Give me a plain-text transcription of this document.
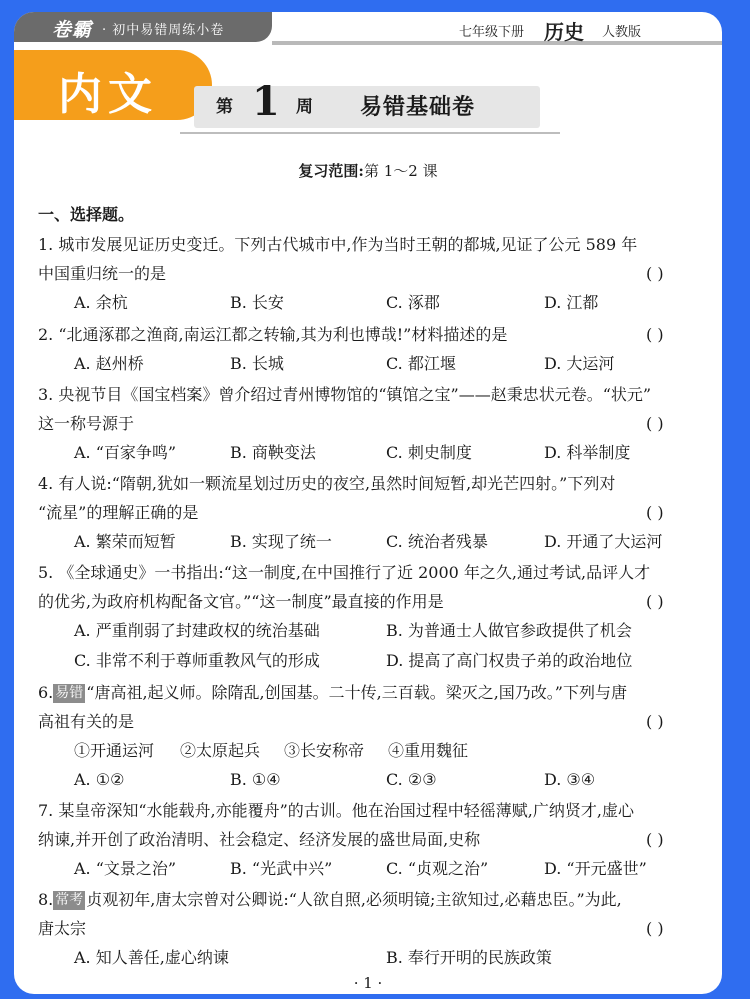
卷霸 · 初中易错周练小卷	七年级下册 历史 人教版
内文	第 1 周 易错基础卷
复习范围:第 1～2 课
一、选择题。
1. 城市发展见证历史变迁。下列古代城市中,作为当时王朝的都城,见证了公元 589 年
中国重归统一的是	( )
A. 余杭	B. 长安	C. 涿郡	D. 江都
2. “北通涿郡之渔商,南运江都之转输,其为利也博哉!”材料描述的是	( )
A. 赵州桥	B. 长城	C. 都江堰	D. 大运河
3. 央视节目《国宝档案》曾介绍过青州博物馆的“镇馆之宝”——赵秉忠状元卷。“状元”
这一称号源于	( )
A. “百家争鸣”	B. 商鞅变法	C. 刺史制度	D. 科举制度
4. 有人说:“隋朝,犹如一颗流星划过历史的夜空,虽然时间短暂,却光芒四射。”下列对
“流星”的理解正确的是	( )
A. 繁荣而短暂	B. 实现了统一	C. 统治者残暴	D. 开通了大运河
5. 《全球通史》一书指出:“这一制度,在中国推行了近 2000 年之久,通过考试,品评人才
的优劣,为政府机构配备文官。”“这一制度”最直接的作用是	( )
A. 严重削弱了封建政权的统治基础	B. 为普通士人做官参政提供了机会
C. 非常不利于尊师重教风气的形成	D. 提高了高门权贵子弟的政治地位
6. 易错 “唐高祖,起义师。除隋乱,创国基。二十传,三百载。梁灭之,国乃改。”下列与唐
高祖有关的是	( )
①开通运河 ②太原起兵 ③长安称帝 ④重用魏征
A. ①②	B. ①④	C. ②③	D. ③④
7. 某皇帝深知“水能载舟,亦能覆舟”的古训。他在治国过程中轻徭薄赋,广纳贤才,虚心
纳谏,并开创了政治清明、社会稳定、经济发展的盛世局面,史称	( )
A. “文景之治”	B. “光武中兴”	C. “贞观之治”	D. “开元盛世”
8. 常考 贞观初年,唐太宗曾对公卿说:“人欲自照,必须明镜;主欲知过,必藉忠臣。”为此,
唐太宗	( )
A. 知人善任,虚心纳谏	B. 奉行开明的民族政策
· 1 ·
